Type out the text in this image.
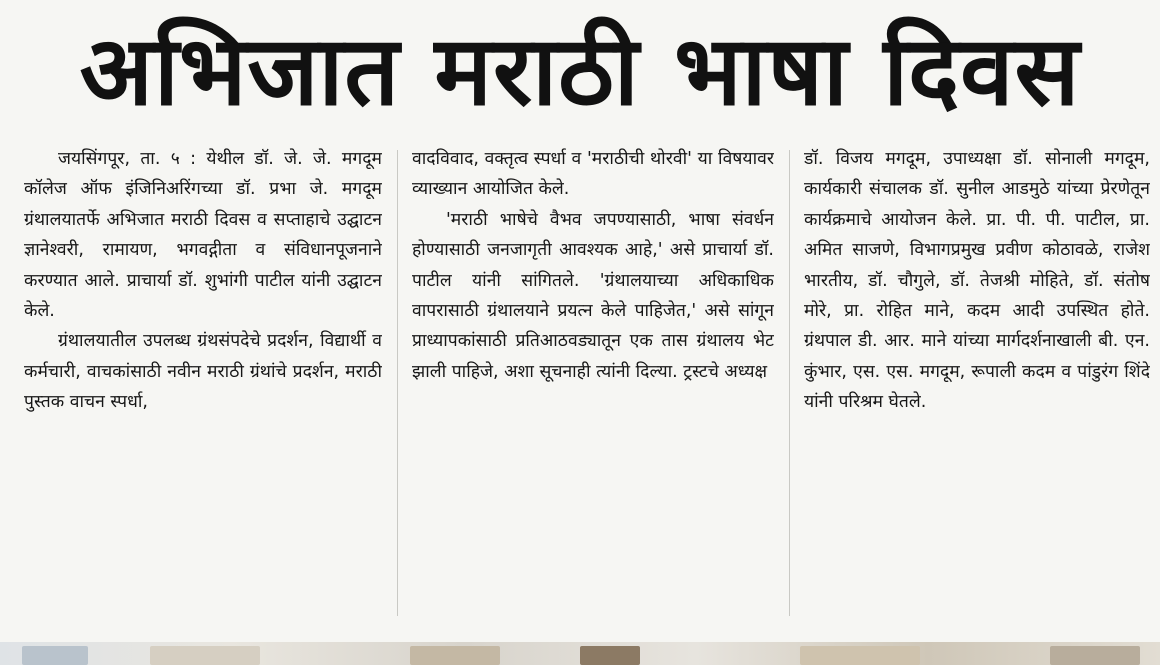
अभिजात मराठी भाषा दिवस

जयसिंगपूर, ता. ५ : येथील डॉ. जे. जे. मगदूम कॉलेज ऑफ इंजिनिअरिंगच्या डॉ. प्रभा जे. मगदूम ग्रंथालयातर्फे अभिजात मराठी दिवस व सप्ताहाचे उद्घाटन ज्ञानेश्वरी, रामायण, भगवद्गीता व संविधानपूजनाने करण्यात आले. प्राचार्या डॉ. शुभांगी पाटील यांनी उद्घाटन केले.

ग्रंथालयातील उपलब्ध ग्रंथसंपदेचे प्रदर्शन, विद्यार्थी व कर्मचारी, वाचकांसाठी नवीन मराठी ग्रंथांचे प्रदर्शन, मराठी पुस्तक वाचन स्पर्धा,

वादविवाद, वक्तृत्व स्पर्धा व 'मराठीची थोरवी' या विषयावर व्याख्यान आयोजित केले.

'मराठी भाषेचे वैभव जपण्यासाठी, भाषा संवर्धन होण्यासाठी जनजागृती आवश्यक आहे,' असे प्राचार्या डॉ. पाटील यांनी सांगितले. 'ग्रंथालयाच्या अधिकाधिक वापरासाठी ग्रंथालयाने प्रयत्न केले पाहिजेत,' असे सांगून प्राध्यापकांसाठी प्रतिआठवड्यातून एक तास ग्रंथालय भेट झाली पाहिजे, अशा सूचनाही त्यांनी दिल्या. ट्रस्टचे अध्यक्ष

डॉ. विजय मगदूम, उपाध्यक्षा डॉ. सोनाली मगदूम, कार्यकारी संचालक डॉ. सुनील आडमुठे यांच्या प्रेरणेतून कार्यक्रमाचे आयोजन केले. प्रा. पी. पी. पाटील, प्रा. अमित साजणे, विभागप्रमुख प्रवीण कोठावळे, राजेश भारतीय, डॉ. चौगुले, डॉ. तेजश्री मोहिते, डॉ. संतोष मोरे, प्रा. रोहित माने, कदम आदी उपस्थित होते. ग्रंथपाल डी. आर. माने यांच्या मार्गदर्शनाखाली बी. एन. कुंभार, एस. एस. मगदूम, रूपाली कदम व पांडुरंग शिंदे यांनी परिश्रम घेतले.
